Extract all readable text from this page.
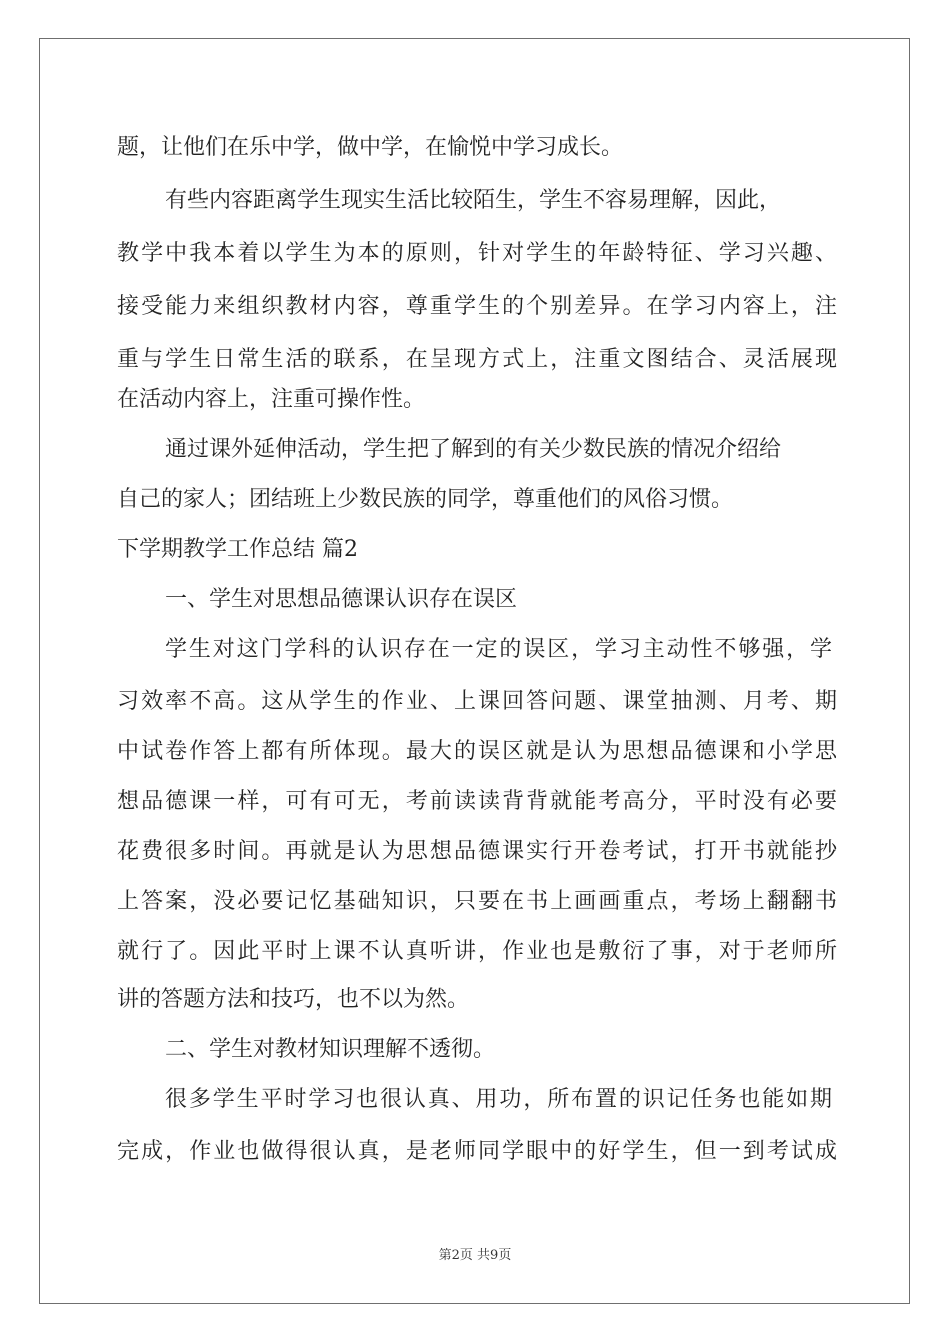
题，让他们在乐中学，做中学，在愉悦中学习成长。
有些内容距离学生现实生活比较陌生，学生不容易理解，因此，
教学中我本着以学生为本的原则，针对学生的年龄特征、学习兴趣、
接受能力来组织教材内容，尊重学生的个别差异。在学习内容上，注
重与学生日常生活的联系，在呈现方式上，注重文图结合、灵活展现
在活动内容上，注重可操作性。
通过课外延伸活动，学生把了解到的有关少数民族的情况介绍给
自己的家人；团结班上少数民族的同学，尊重他们的风俗习惯。
下学期教学工作总结 篇2
一、学生对思想品德课认识存在误区
学生对这门学科的认识存在一定的误区，学习主动性不够强，学
习效率不高。这从学生的作业、上课回答问题、课堂抽测、月考、期
中试卷作答上都有所体现。最大的误区就是认为思想品德课和小学思
想品德课一样，可有可无，考前读读背背就能考高分，平时没有必要
花费很多时间。再就是认为思想品德课实行开卷考试，打开书就能抄
上答案，没必要记忆基础知识，只要在书上画画重点，考场上翻翻书
就行了。因此平时上课不认真听讲，作业也是敷衍了事，对于老师所
讲的答题方法和技巧，也不以为然。
二、学生对教材知识理解不透彻。
很多学生平时学习也很认真、用功，所布置的识记任务也能如期
完成，作业也做得很认真，是老师同学眼中的好学生，但一到考试成
第2页 共9页
